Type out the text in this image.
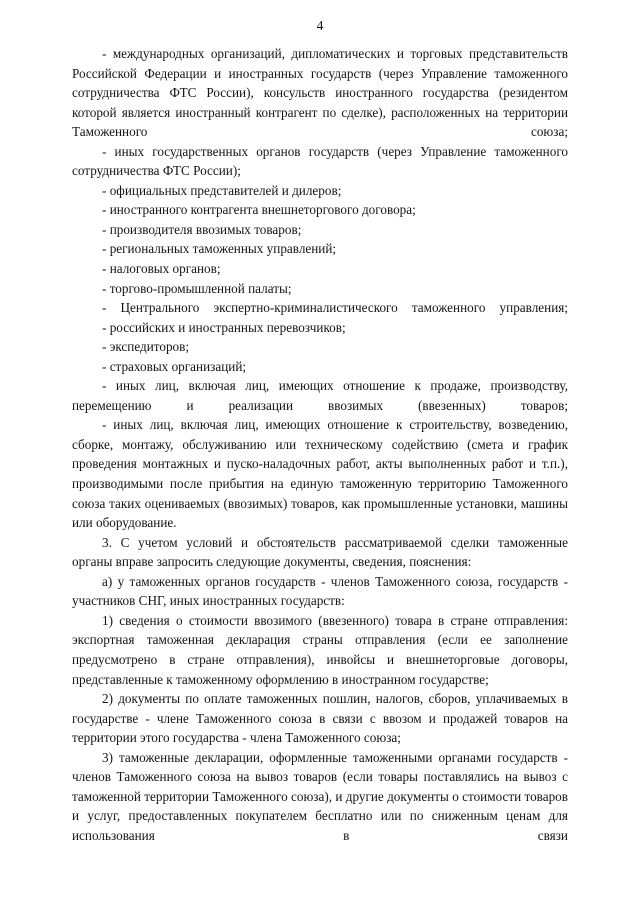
4

- международных организаций, дипломатических и торговых представительств Российской Федерации и иностранных государств (через Управление таможенного сотрудничества ФТС России), консульств иностранного государства (резидентом которой является иностранный контрагент по сделке), расположенных на территории Таможенного союза;

- иных государственных органов государств (через Управление таможенного сотрудничества ФТС России);

- официальных представителей и дилеров;

- иностранного контрагента внешнеторгового договора;

- производителя ввозимых товаров;

- региональных таможенных управлений;

- налоговых органов;

- торгово-промышленной палаты;

- Центрального экспертно-криминалистического таможенного управления;

- российских и иностранных перевозчиков;

- экспедиторов;

- страховых организаций;

- иных лиц, включая лиц, имеющих отношение к продаже, производству, перемещению и реализации ввозимых (ввезенных) товаров;

- иных лиц, включая лиц, имеющих отношение к строительству, возведению, сборке, монтажу, обслуживанию или техническому содействию (смета и график проведения монтажных и пуско-наладочных работ, акты выполненных работ и т.п.), производимыми после прибытия на единую таможенную территорию Таможенного союза таких оцениваемых (ввозимых) товаров, как промышленные установки, машины или оборудование.

3. С учетом условий и обстоятельств рассматриваемой сделки таможенные органы вправе запросить следующие документы, сведения, пояснения:

а) у таможенных органов государств - членов Таможенного союза, государств - участников СНГ, иных иностранных государств:

1) сведения о стоимости ввозимого (ввезенного) товара в стране отправления: экспортная таможенная декларация страны отправления (если ее заполнение предусмотрено в стране отправления), инвойсы и внешнеторговые договоры, представленные к таможенному оформлению в иностранном государстве;

2) документы по оплате таможенных пошлин, налогов, сборов, уплачиваемых в государстве - члене Таможенного союза в связи с ввозом и продажей товаров на территории этого государства - члена Таможенного союза;

3) таможенные декларации, оформленные таможенными органами государств - членов Таможенного союза на вывоз товаров (если товары поставлялись на вывоз с таможенной территории Таможенного союза), и другие документы о стоимости товаров и услуг, предоставленных покупателем бесплатно или по сниженным ценам для использования в связи
